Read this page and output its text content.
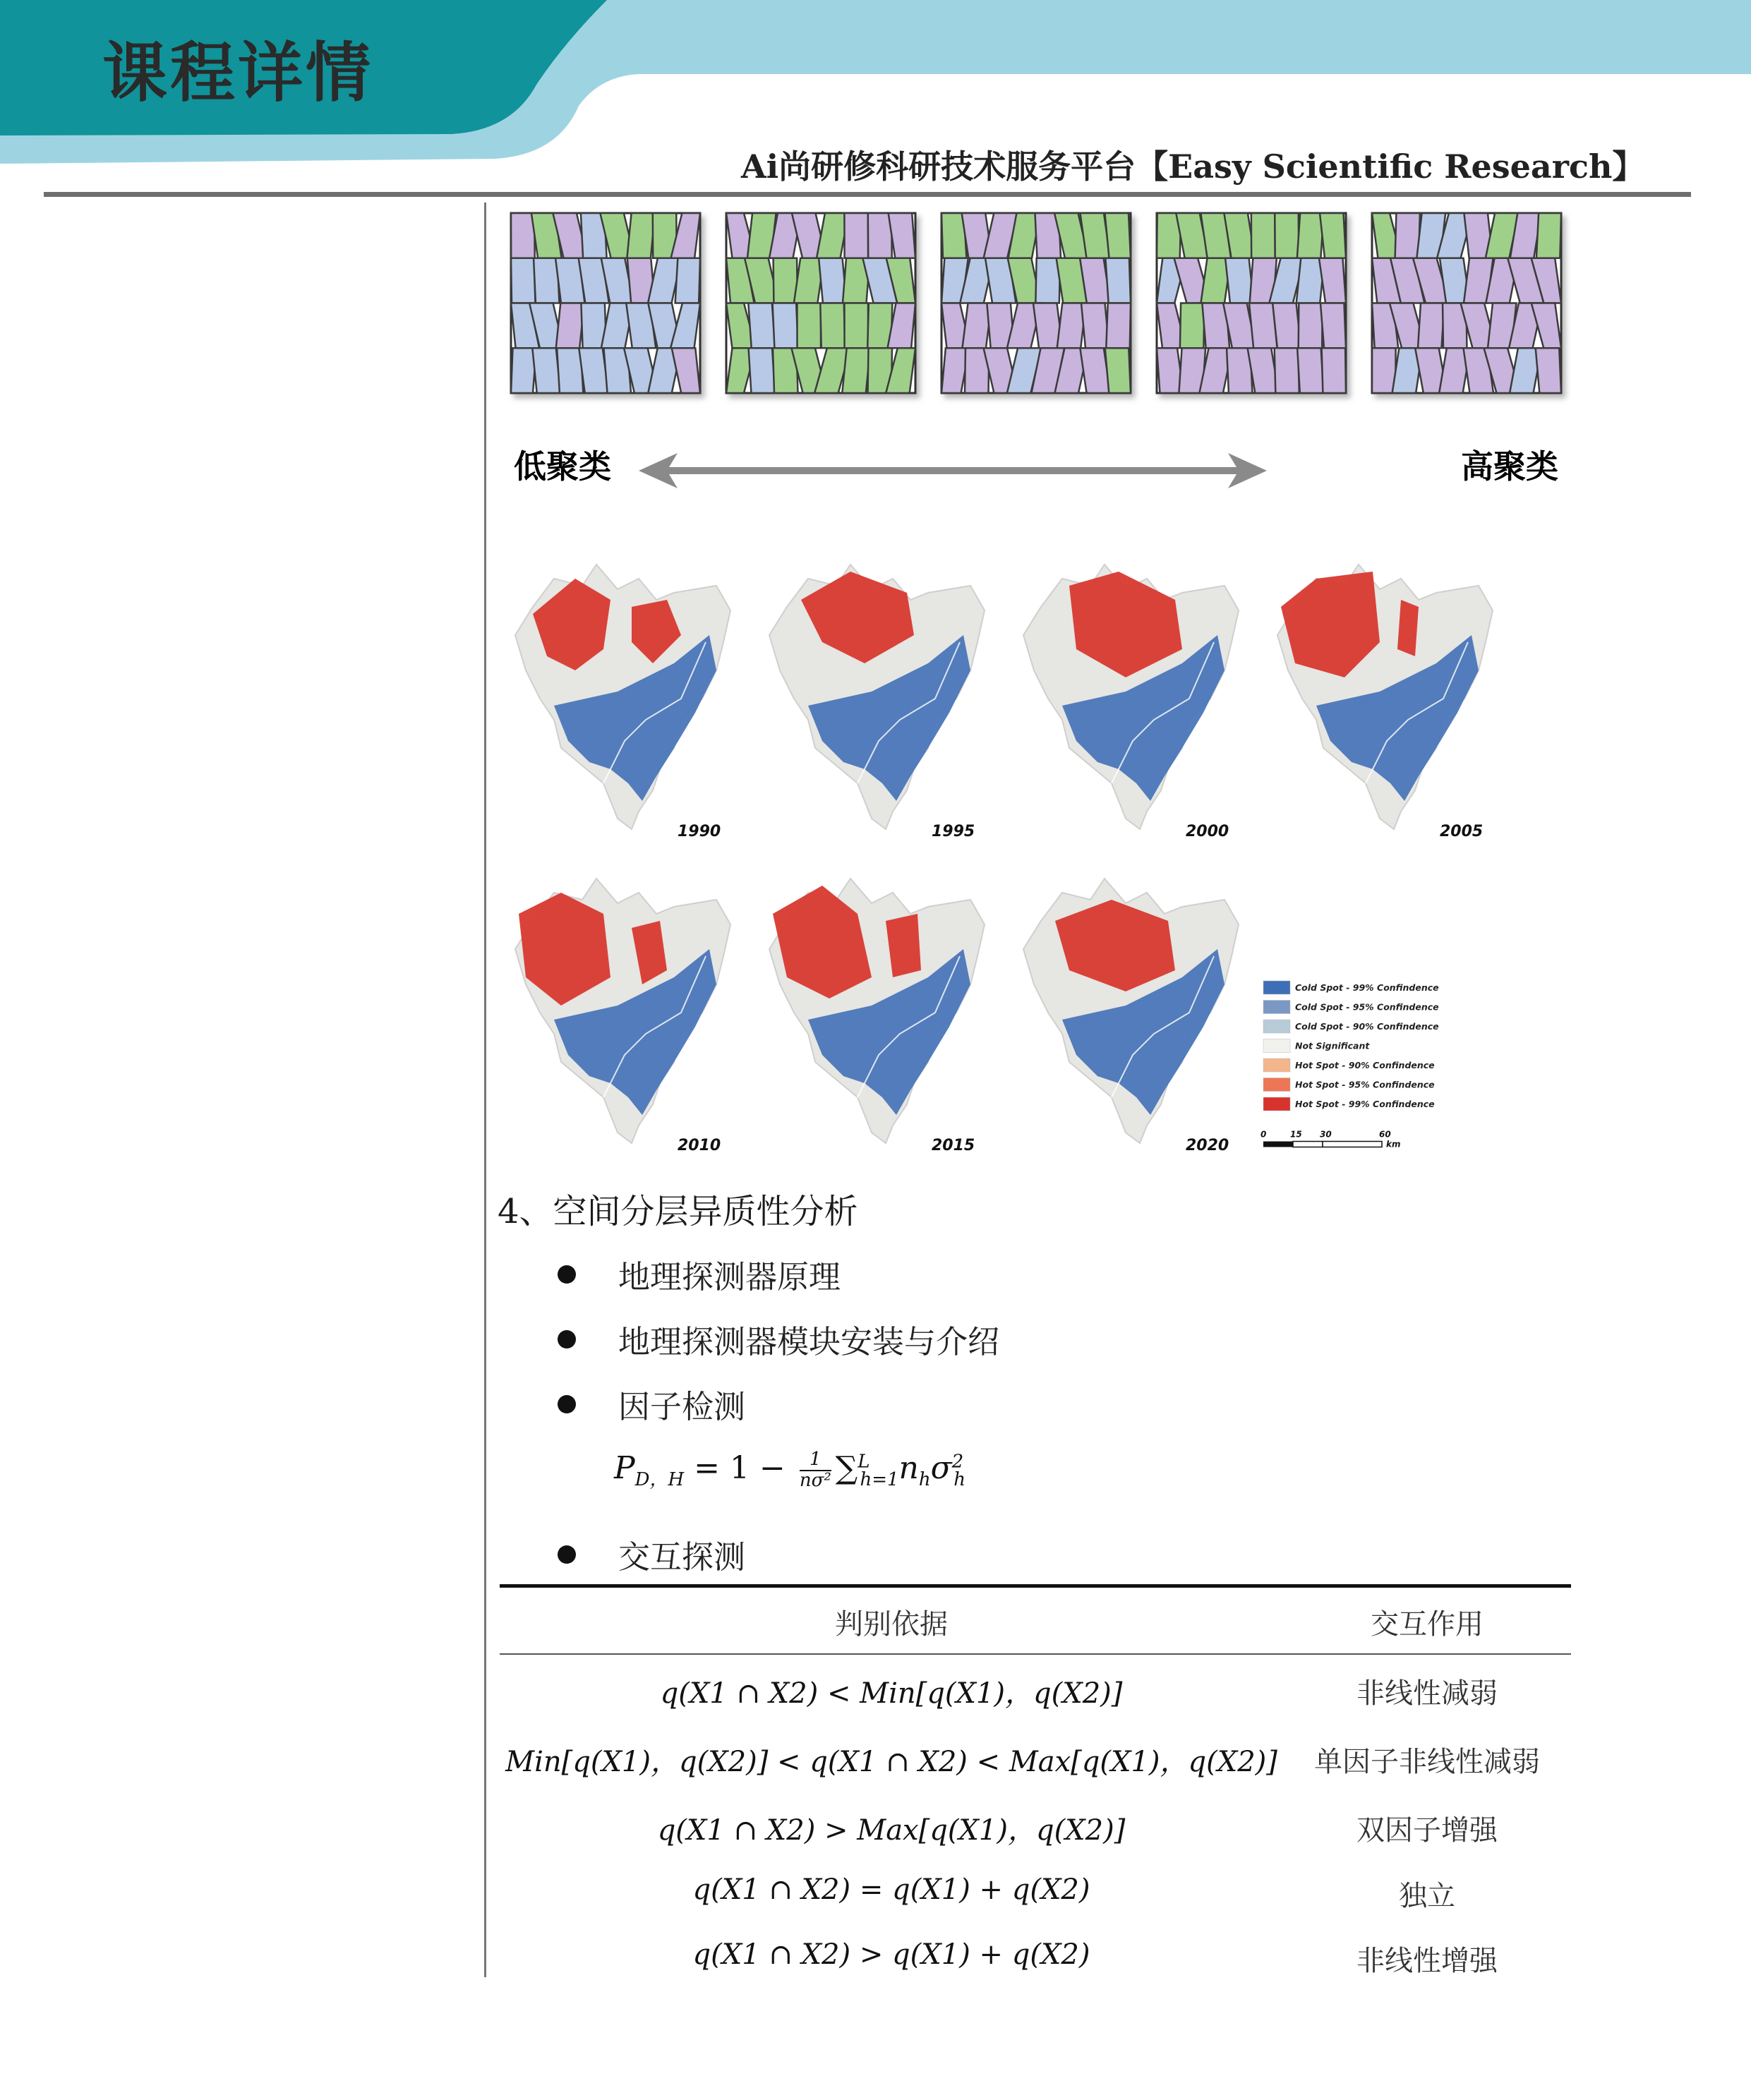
课程详情
Ai尚研修科研技术服务平台【Easy Scientific Research】
低聚类	高聚类
1990	1995	2000	2005
2010	2015	2020
Cold Spot - 99% Confindence
Cold Spot - 95% Confindence
Cold Spot - 90% Confindence
Not Significant
Hot Spot - 90% Confindence
Hot Spot - 95% Confindence
Hot Spot - 99% Confindence
0	15 30	60
km
4、空间分层异质性分析
地理探测器原理
地理探测器模块安装与介绍
因子检测
$P_{D,H} = 1 - \frac{1}{\text{nσ²}} \sum^L_{h=1}n_h\sigma^2_h$
交互探测
判别依据	交互作用
q(X1 ∩ X2) < Min[q(X1)，q(X2)]	非线性减弱
Min[q(X1)，q(X2)] < q(X1 ∩ X2) < Max[q(X1)，q(X2)]	单因子非线性减弱
q(X1 ∩ X2) > Max[q(X1)，q(X2)]	双因子增强
q(X1 ∩ X2) = q(X1) + q(X2)	独立
q(X1 ∩ X2) > q(X1) + q(X2)	非线性增强
